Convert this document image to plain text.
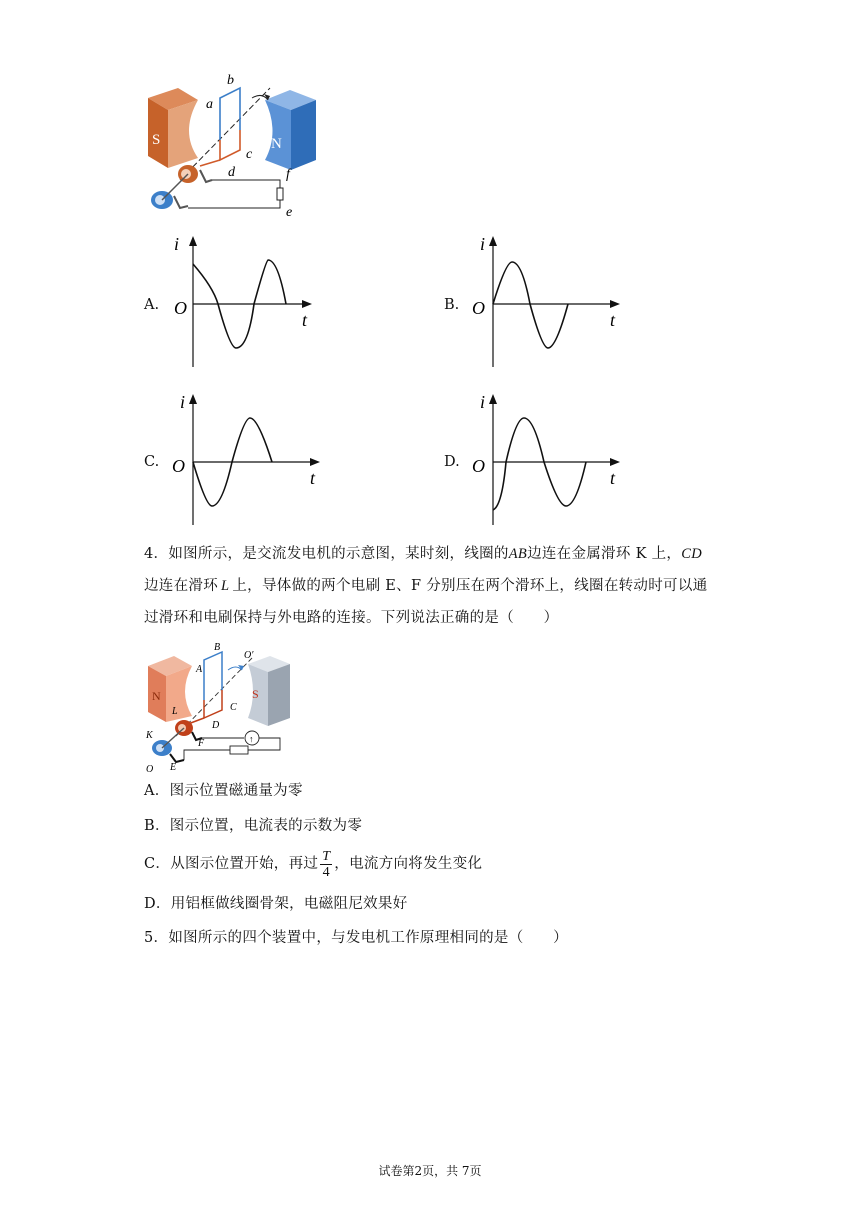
S	N
a
b
c
d	f
e
A.
i
O
t
B.
i
O
t
C.
i
O
t
D.
i
O
t
4．如图所示，是交流发电机的示意图，某时刻，线圈的AB边连在金属滑环 K 上，CD
边连在滑环 L 上，导体做的两个电刷 E、F 分别压在两个滑环上，线圈在转动时可以通
过滑环和电刷保持与外电路的连接。下列说法正确的是（　　）
N	S
↑
B
A
O′
C
L
D
K
F
E
O
A．图示位置磁通量为零
B．图示位置，电流表的示数为零
C．从图示位置开始，再过 $\frac{T}{4}$ ，电流方向将发生变化
D．用铝框做线圈骨架，电磁阻尼效果好
5．如图所示的四个装置中，与发电机工作原理相同的是（　　）
试卷第2页，共 7页
